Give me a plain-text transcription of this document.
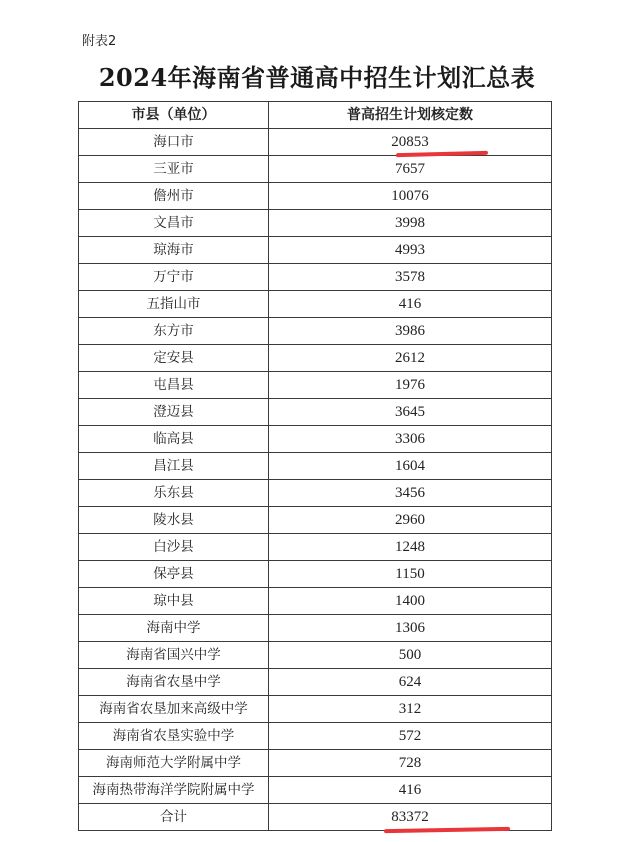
附表2
2024年海南省普通高中招生计划汇总表
市县（单位）	普高招生计划核定数
海口市	20853
三亚市	7657
儋州市	10076
文昌市	3998
琼海市	4993
万宁市	3578
五指山市	416
东方市	3986
定安县	2612
屯昌县	1976
澄迈县	3645
临高县	3306
昌江县	1604
乐东县	3456
陵水县	2960
白沙县	1248
保亭县	1150
琼中县	1400
海南中学	1306
海南省国兴中学	500
海南省农垦中学	624
海南省农垦加来高级中学	312
海南省农垦实验中学	572
海南师范大学附属中学	728
海南热带海洋学院附属中学	416
合计	83372
